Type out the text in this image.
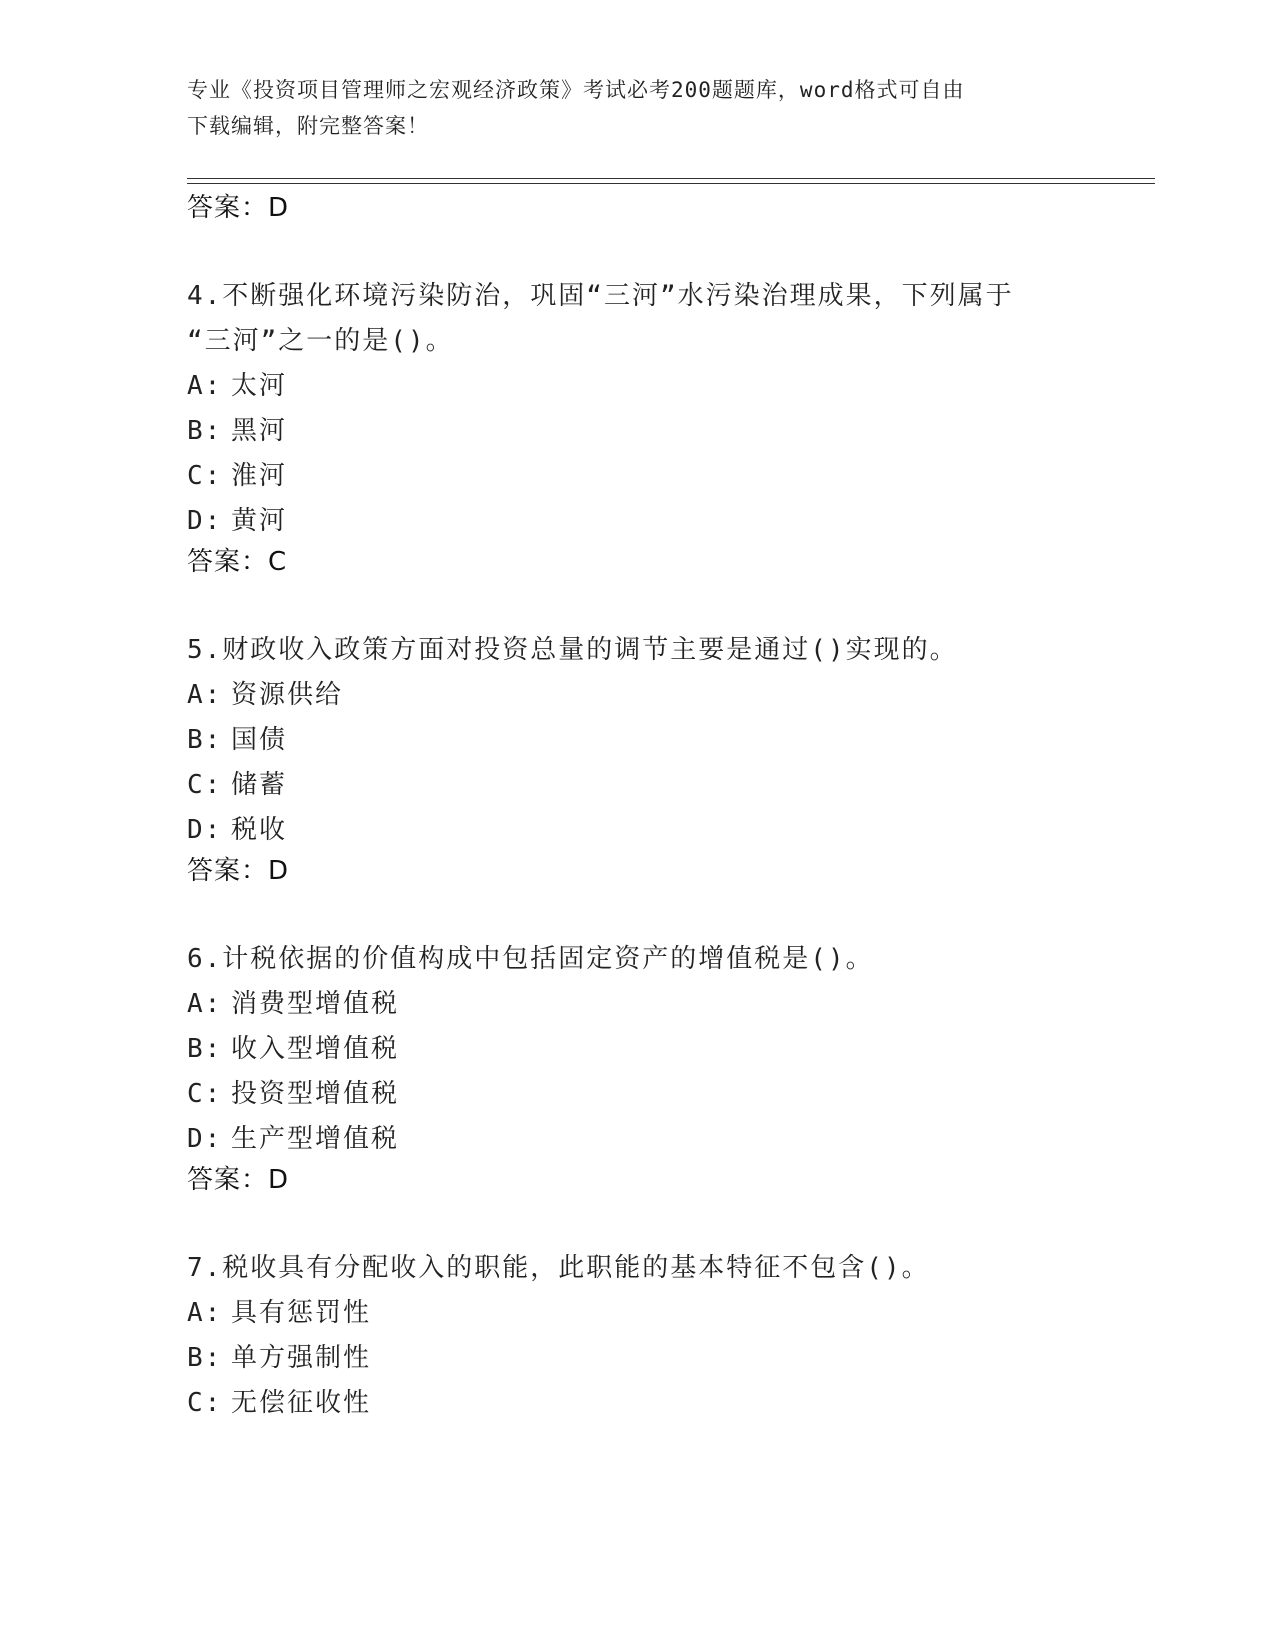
专业《投资项目管理师之宏观经济政策》考试必考200题题库，word格式可自由
下载编辑，附完整答案！
答案：D
4.不断强化环境污染防治，巩固“三河”水污染治理成果，下列属于
“三河”之一的是()。
A: 太河
B: 黑河
C: 淮河
D: 黄河
答案：C
5.财政收入政策方面对投资总量的调节主要是通过()实现的。
A: 资源供给
B: 国债
C: 储蓄
D: 税收
答案：D
6.计税依据的价值构成中包括固定资产的增值税是()。
A: 消费型增值税
B: 收入型增值税
C: 投资型增值税
D: 生产型增值税
答案：D
7.税收具有分配收入的职能，此职能的基本特征不包含()。
A: 具有惩罚性
B: 单方强制性
C: 无偿征收性
